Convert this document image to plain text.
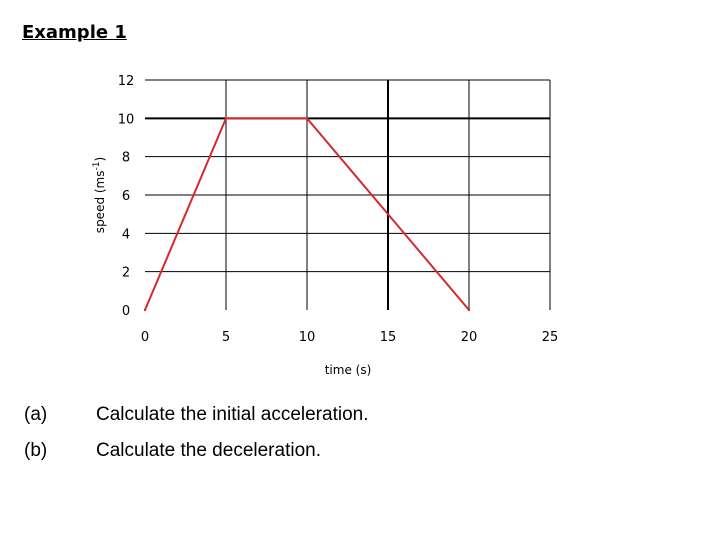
Example 1
0
2
4
6
8
10
12
0	5	10	15	20	25
time (s)
speed $(ms^{-1})$
(a)	Calculate the initial acceleration.
(b)	Calculate the deceleration.
